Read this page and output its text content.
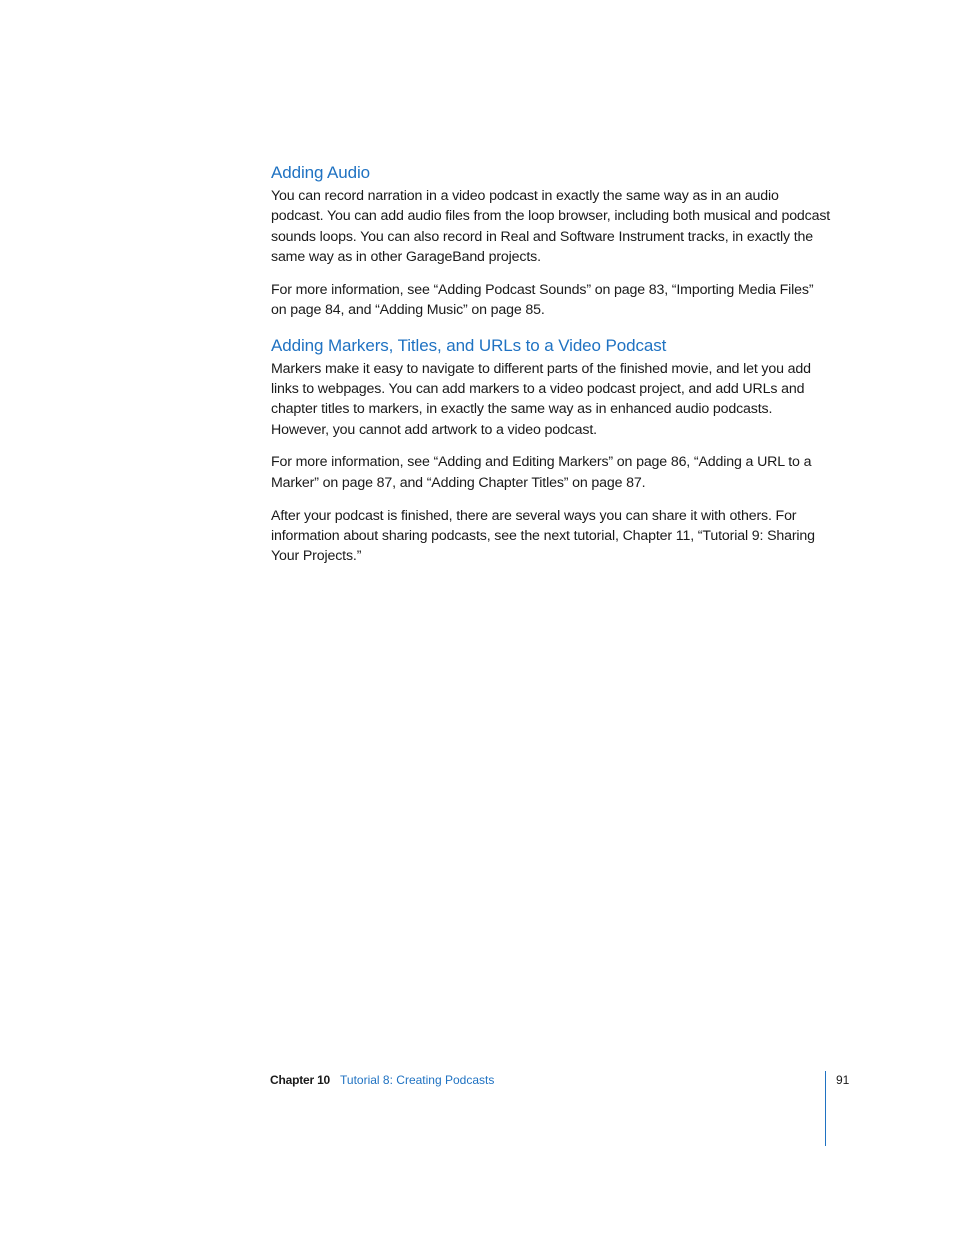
Adding Audio

You can record narration in a video podcast in exactly the same way as in an audio podcast. You can add audio files from the loop browser, including both musical and podcast sounds loops. You can also record in Real and Software Instrument tracks, in exactly the same way as in other GarageBand projects.

For more information, see “Adding Podcast Sounds” on page 83, “Importing Media Files” on page 84, and “Adding Music” on page 85.

Adding Markers, Titles, and URLs to a Video Podcast

Markers make it easy to navigate to different parts of the finished movie, and let you add links to webpages. You can add markers to a video podcast project, and add URLs and chapter titles to markers, in exactly the same way as in enhanced audio podcasts. However, you cannot add artwork to a video podcast.

For more information, see “Adding and Editing Markers” on page 86, “Adding a URL to a Marker” on page 87, and “Adding Chapter Titles” on page 87.

After your podcast is finished, there are several ways you can share it with others. For information about sharing podcasts, see the next tutorial, Chapter 11, “Tutorial 9: Sharing Your Projects.”

Chapter 10 Tutorial 8: Creating Podcasts	91
